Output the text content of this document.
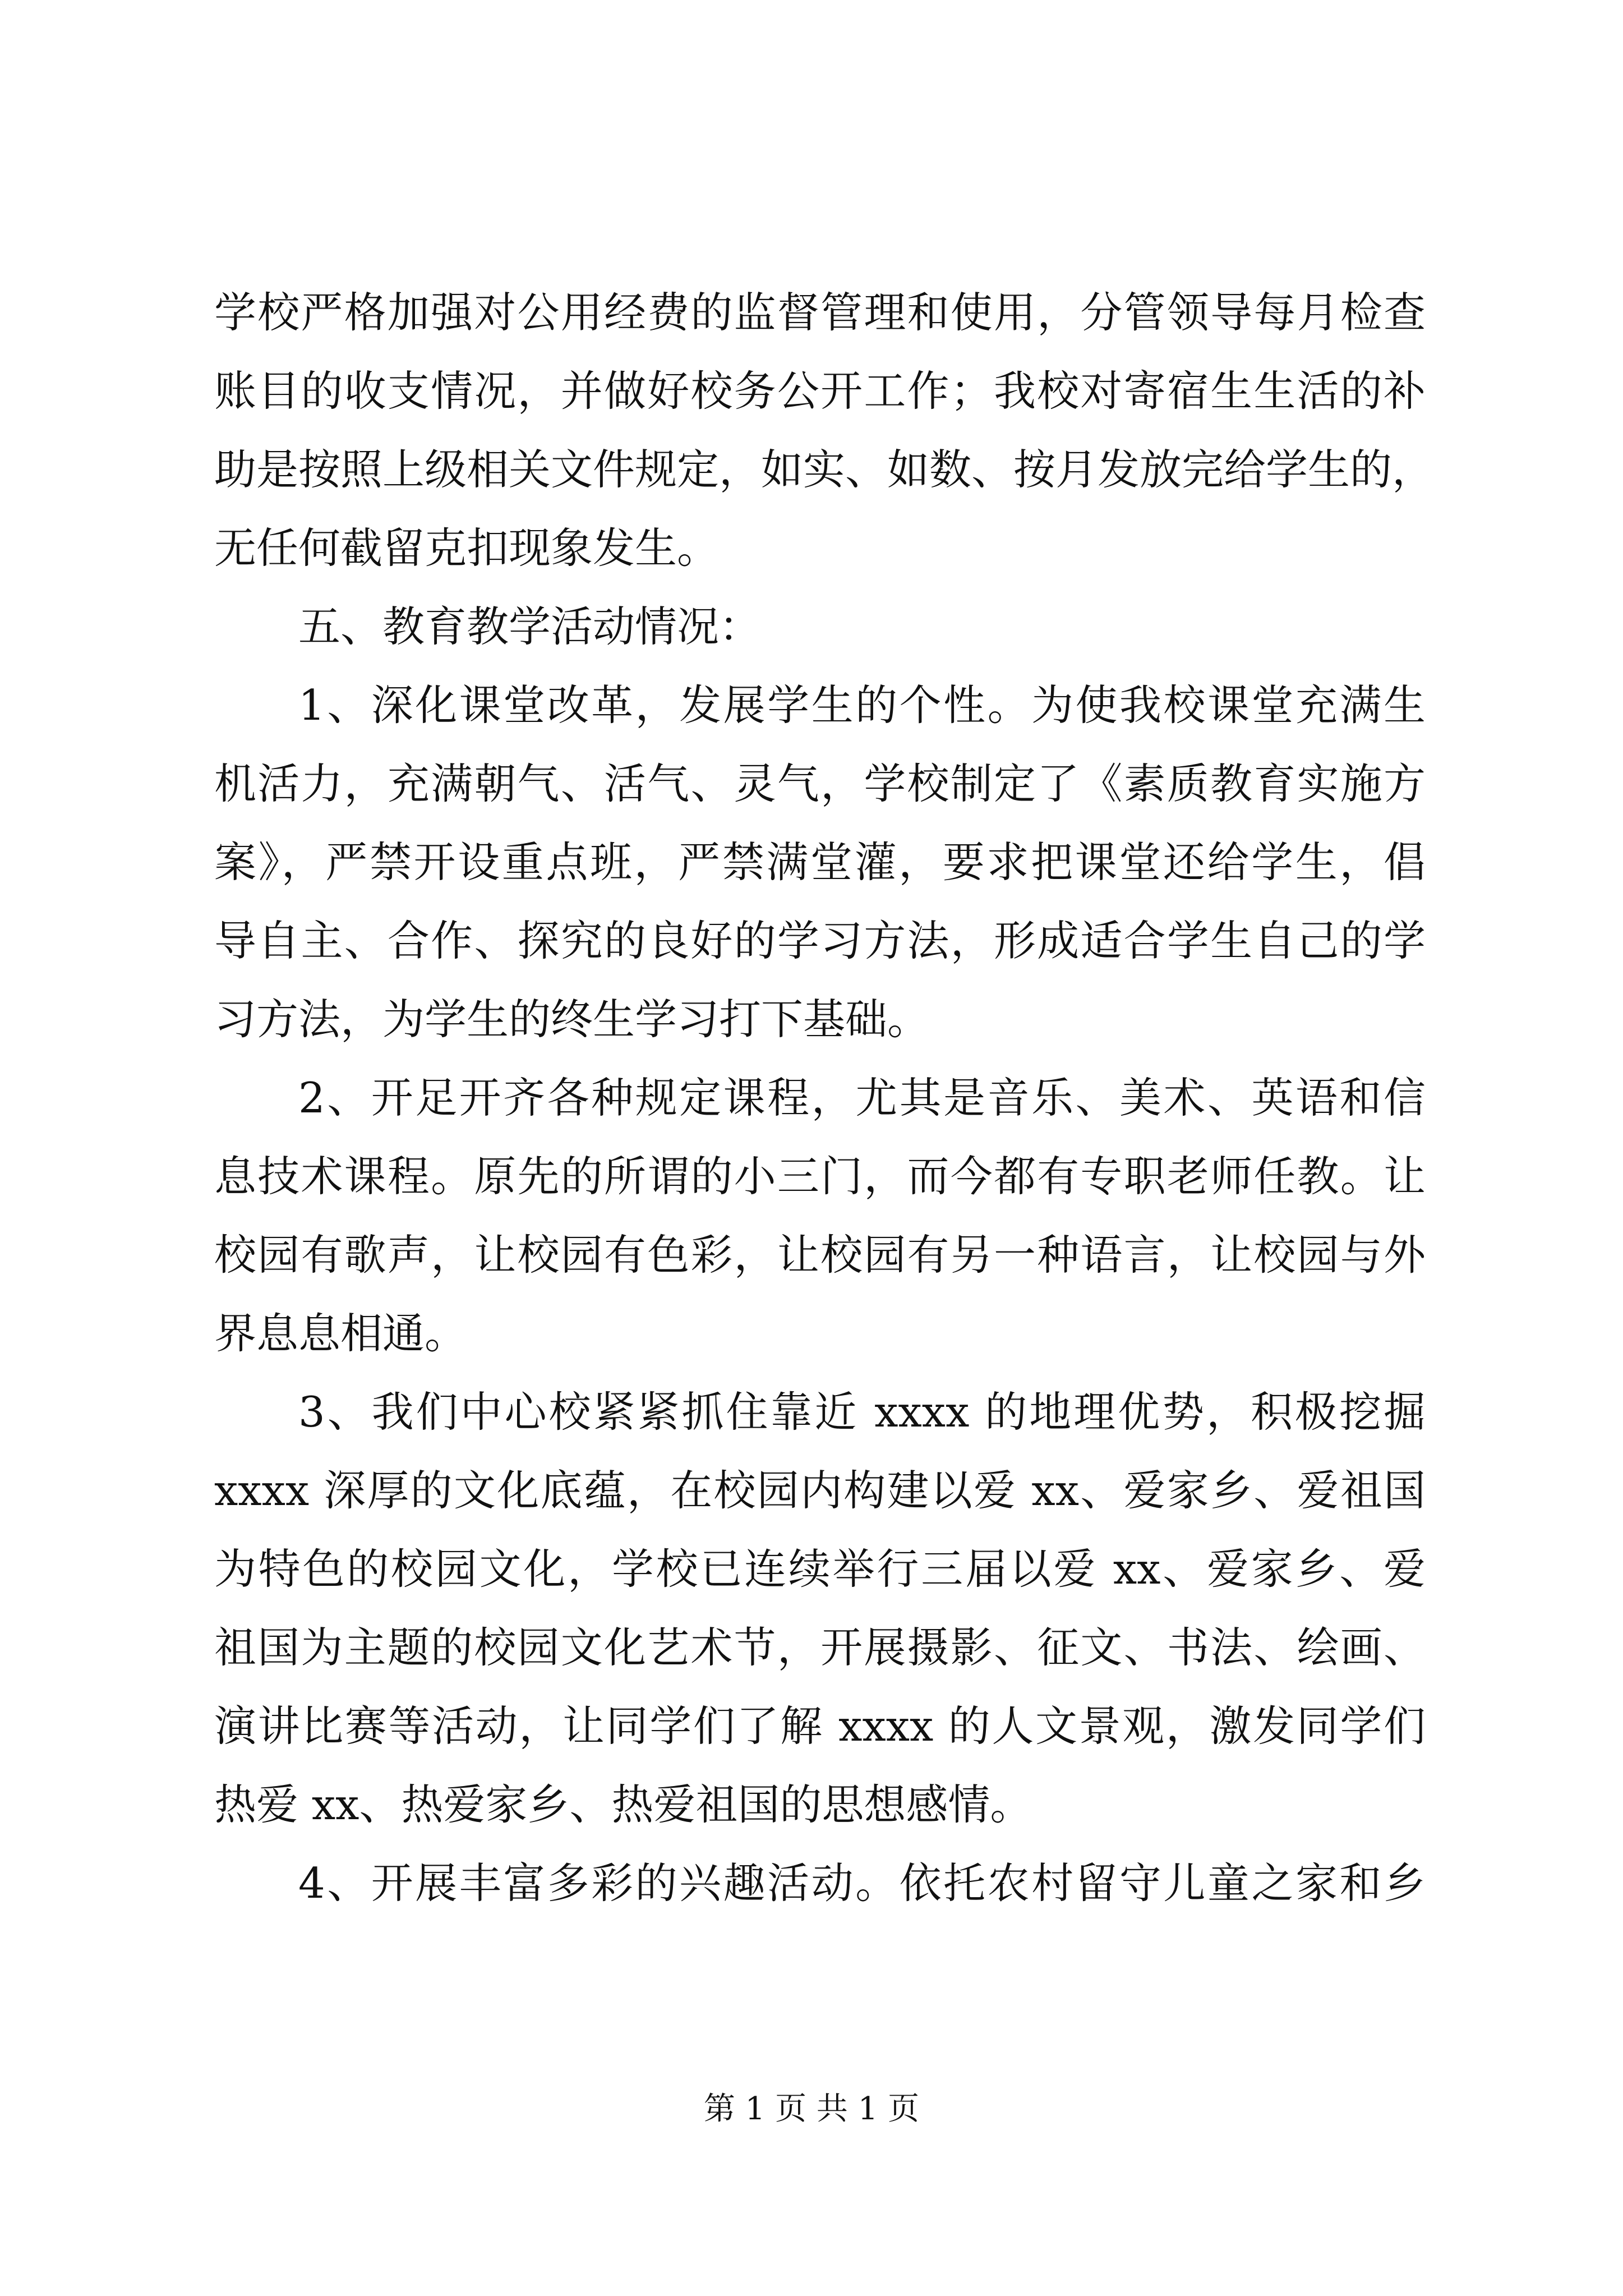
学校严格加强对公用经费的监督管理和使用，分管领导每月检查
账目的收支情况，并做好校务公开工作；我校对寄宿生生活的补
助是按照上级相关文件规定，如实、如数、按月发放完给学生的，
无任何截留克扣现象发生。
五、教育教学活动情况：
1、深化课堂改革，发展学生的个性。为使我校课堂充满生
机活力，充满朝气、活气、灵气，学校制定了《素质教育实施方
案》，严禁开设重点班，严禁满堂灌，要求把课堂还给学生，倡
导自主、合作、探究的良好的学习方法，形成适合学生自己的学
习方法，为学生的终生学习打下基础。
2、开足开齐各种规定课程，尤其是音乐、美术、英语和信
息技术课程。原先的所谓的小三门，而今都有专职老师任教。让
校园有歌声，让校园有色彩，让校园有另一种语言，让校园与外
界息息相通。
3、我们中心校紧紧抓住靠近 xxxx 的地理优势，积极挖掘
xxxx 深厚的文化底蕴，在校园内构建以爱 xx、爱家乡、爱祖国
为特色的校园文化，学校已连续举行三届以爱 xx、爱家乡、爱
祖国为主题的校园文化艺术节，开展摄影、征文、书法、绘画、
演讲比赛等活动，让同学们了解 xxxx 的人文景观，激发同学们
热爱 xx、热爱家乡、热爱祖国的思想感情。
4、开展丰富多彩的兴趣活动。依托农村留守儿童之家和乡
第 1 页 共 1 页
